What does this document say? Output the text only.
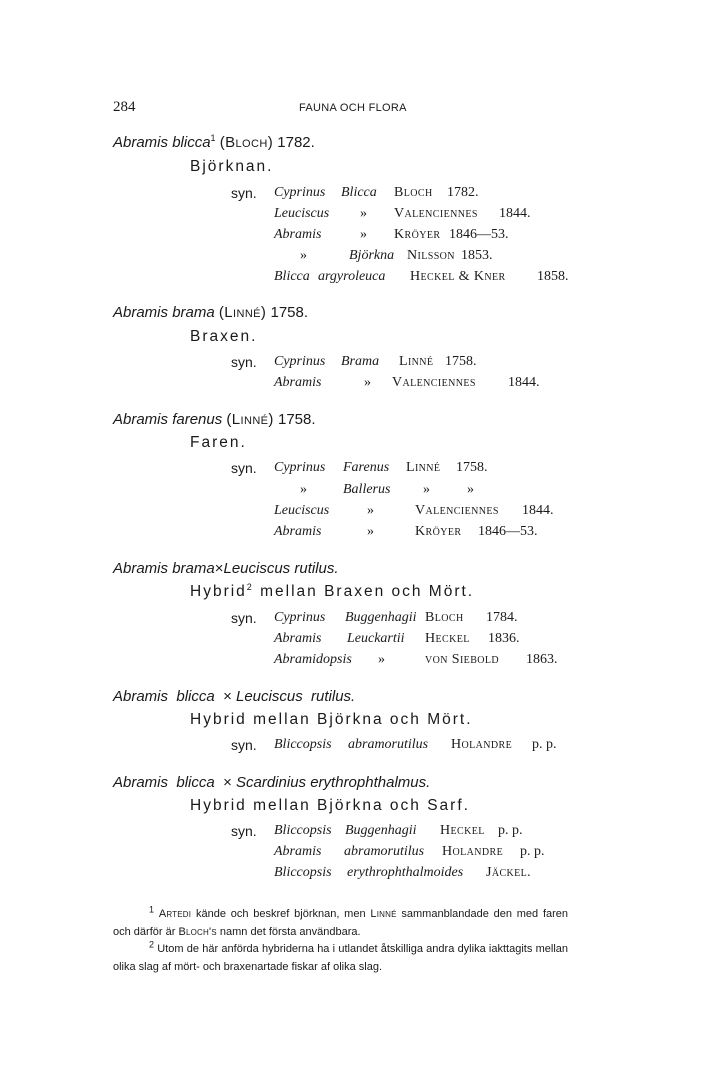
284	FAUNA OCH FLORA
Abramis blicca$^1$ (Bloch) 1782.
Björknan.
syn. Cyprinus Blicca Bloch 1782.
Leuciscus » Valenciennes 1844.
Abramis	» Kröyer 1846—53.
»	Björkna Nilsson 1853.
Blicca argyroleuca Heckel & Kner 1858.
Abramis brama (Linné) 1758.
Braxen.
syn. Cyprinus Brama Linné 1758.
Abramis	» Valenciennes 1844.
Abramis farenus (Linné) 1758.
Faren.
syn. Cyprinus Farenus Linné 1758.
»	Ballerus »	»
Leuciscus	»	Valenciennes 1844.
Abramis	»	Kröyer 1846—53.
Abramis brama×Leuciscus rutilus.
Hybrid$^2$ mellan Braxen och Mört.
syn. Cyprinus Buggenhagii Bloch 1784.
Abramis Leuckartii Heckel 1836.
Abramidopsis »	von Siebold 1863.
Abramis blicca × Leuciscus rutilus.
Hybrid mellan Björkna och Mört.
syn. Bliccopsis abramorutilus Holandre p. p.
Abramis blicca × Scardinius erythrophthalmus.
Hybrid mellan Björkna och Sarf.
syn. Bliccopsis Buggenhagii Heckel p. p.
Abramis abramorutilus Holandre p. p.
Bliccopsis erythrophthalmoides Jäckel.

$^1$ Artedi kände och beskref björknan, men Linné sammanblandade den med faren och därför är Bloch's namn det första användbara.

$^2$ Utom de här anförda hybriderna ha i utlandet åtskilliga andra dylika iakttagits mellan olika slag af mört- och braxenartade fiskar af olika slag.
